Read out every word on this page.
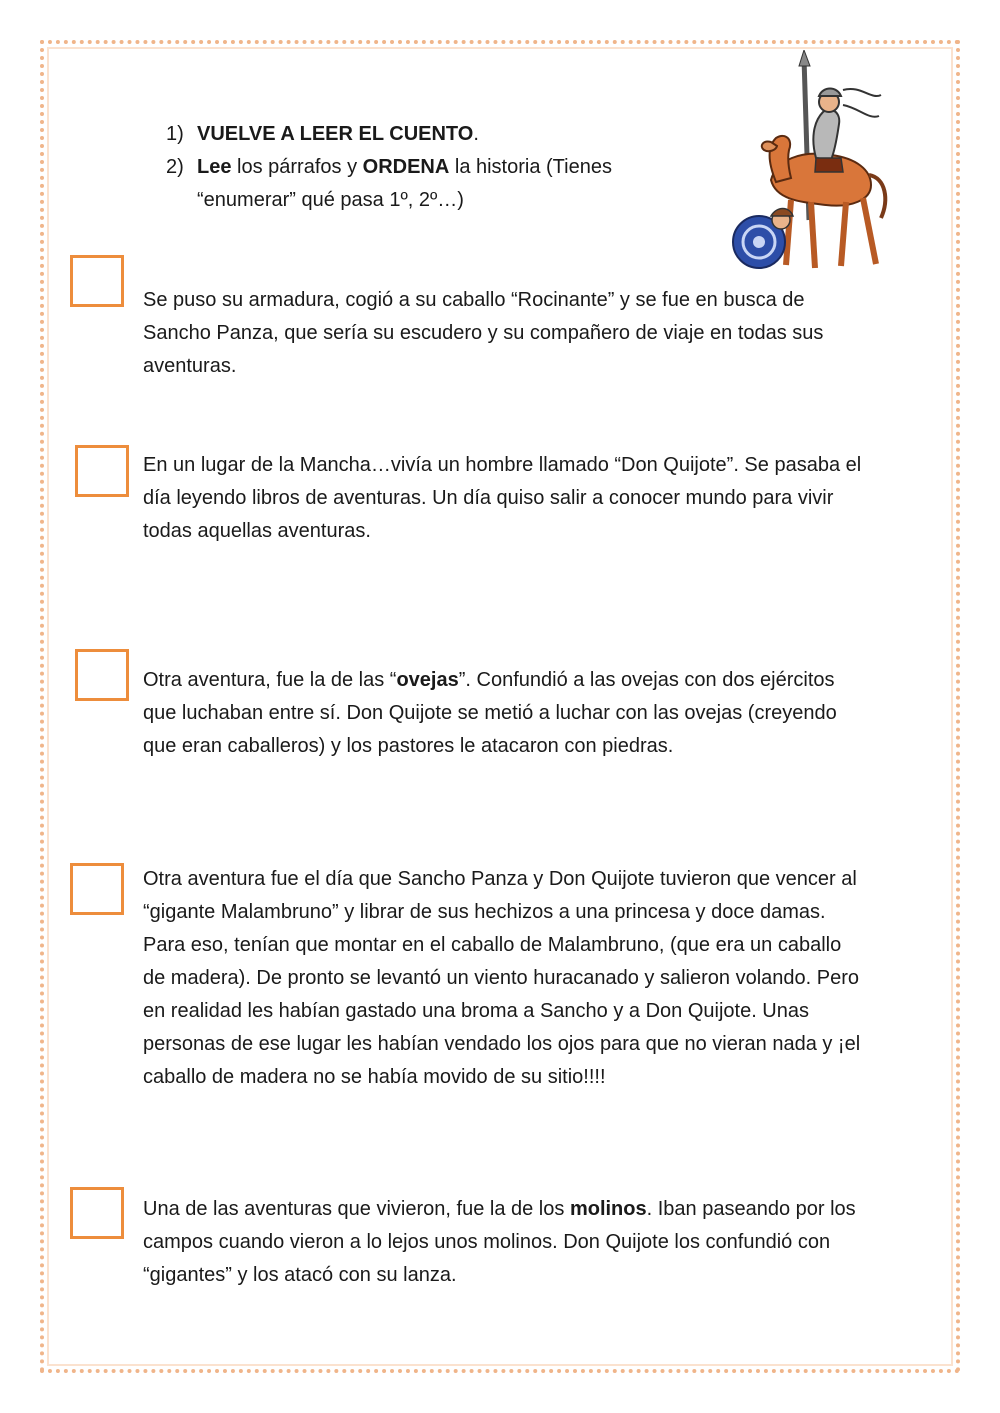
1) VUELVE A LEER EL CUENTO.
2) Lee los párrafos y ORDENA la historia (Tienes “enumerar” qué pasa 1º, 2º…)

Se puso su armadura, cogió a su caballo “Rocinante” y se fue en busca de Sancho Panza, que sería su escudero y su compañero de viaje en todas sus aventuras.

En un lugar de la Mancha…vivía un hombre llamado “Don Quijote”. Se pasaba el día leyendo libros de aventuras. Un día quiso salir a conocer mundo para vivir todas aquellas aventuras.

Otra aventura, fue la de las “ovejas”. Confundió a las ovejas con dos ejércitos que luchaban entre sí. Don Quijote se metió a luchar con las ovejas (creyendo que eran caballeros) y los pastores le atacaron con piedras.

Otra aventura fue el día que Sancho Panza y Don Quijote tuvieron que vencer al “gigante Malambruno” y librar de sus hechizos a una princesa y doce damas. Para eso, tenían que montar en el caballo de Malambruno, (que era un caballo de madera). De pronto se levantó un viento huracanado y salieron volando. Pero en realidad les habían gastado una broma a Sancho y a Don Quijote. Unas personas de ese lugar les habían vendado los ojos para que no vieran nada y ¡el caballo de madera no se había movido de su sitio!!!!

Una de las aventuras que vivieron, fue la de los molinos. Iban paseando por los campos cuando vieron a lo lejos unos molinos. Don Quijote los confundió con “gigantes” y los atacó con su lanza.
